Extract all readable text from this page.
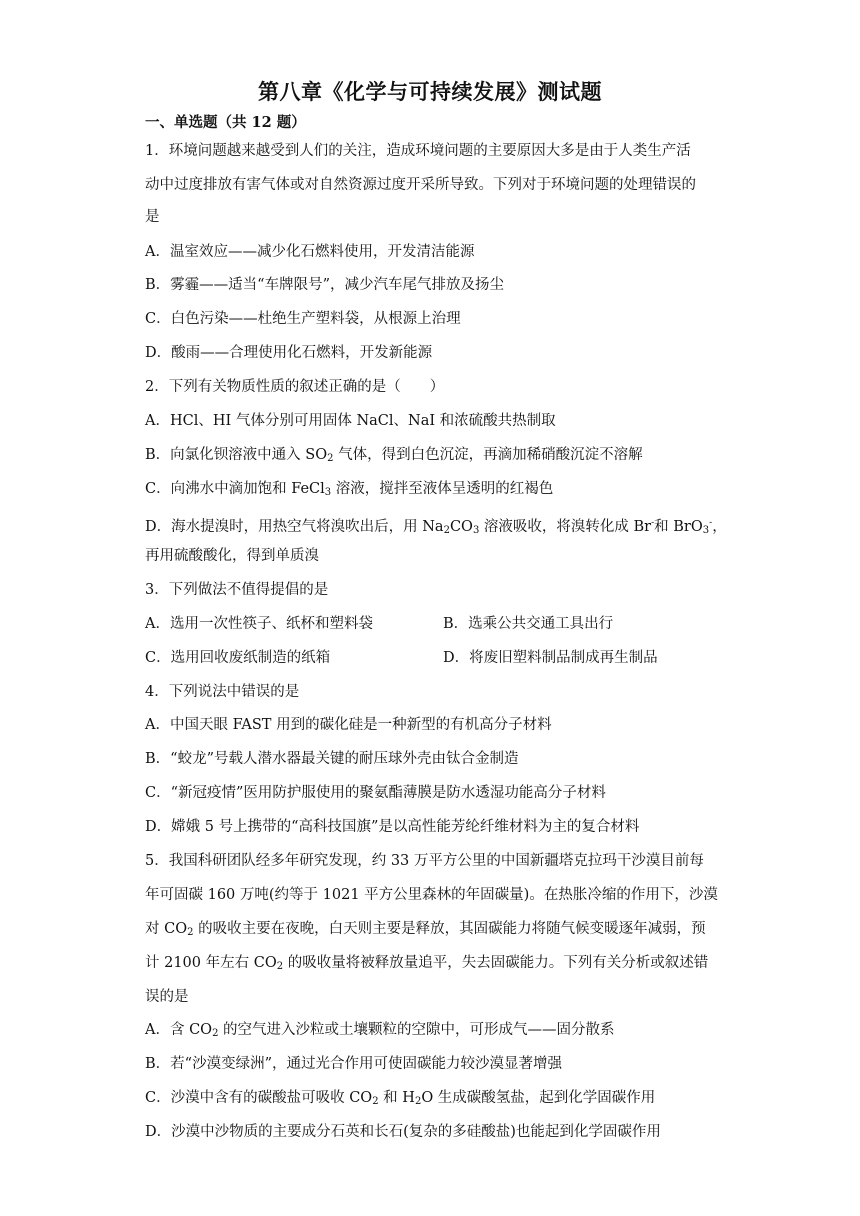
第八章《化学与可持续发展》测试题
一、单选题（共 12 题）
1．环境问题越来越受到人们的关注，造成环境问题的主要原因大多是由于人类生产活
动中过度排放有害气体或对自然资源过度开采所导致。下列对于环境问题的处理错误的
是
A．温室效应——减少化石燃料使用，开发清洁能源
B．雾霾——适当“车牌限号”，减少汽车尾气排放及扬尘
C．白色污染——杜绝生产塑料袋，从根源上治理
D．酸雨——合理使用化石燃料，开发新能源
2．下列有关物质性质的叙述正确的是（　　）
A．HCl、HI 气体分别可用固体 NaCl、NaI 和浓硫酸共热制取
B．向氯化钡溶液中通入 $SO_2$ 气体，得到白色沉淀，再滴加稀硝酸沉淀不溶解
C．向沸水中滴加饱和 FeCl$_3$ 溶液，搅拌至液体呈透明的红褐色
D．海水提溴时，用热空气将溴吹出后，用 $Na_2CO_3$ 溶液吸收，将溴转化成 Br-和 BrO$_3$-，
再用硫酸酸化，得到单质溴
3．下列做法不值得提倡的是
A．选用一次性筷子、纸杯和塑料袋	B．选乘公共交通工具出行
C．选用回收废纸制造的纸箱	D．将废旧塑料制品制成再生制品
4．下列说法中错误的是
A．中国天眼 FAST 用到的碳化硅是一种新型的有机高分子材料
B．“蛟龙”号载人潜水器最关键的耐压球外壳由钛合金制造
C．“新冠疫情”医用防护服使用的聚氨酯薄膜是防水透湿功能高分子材料
D．嫦娥 5 号上携带的“高科技国旗”是以高性能芳纶纤维材料为主的复合材料
5．我国科研团队经多年研究发现，约 33 万平方公里的中国新疆塔克拉玛干沙漠目前每
年可固碳 160 万吨(约等于 1021 平方公里森林的年固碳量)。在热胀冷缩的作用下，沙漠
对 $CO_2$ 的吸收主要在夜晚，白天则主要是释放，其固碳能力将随气候变暖逐年减弱，预
计 2100 年左右 $CO_2$ 的吸收量将被释放量追平，失去固碳能力。下列有关分析或叙述错
误的是
A．含 $CO_2$ 的空气进入沙粒或土壤颗粒的空隙中，可形成气——固分散系
B．若“沙漠变绿洲”，通过光合作用可使固碳能力较沙漠显著增强
C．沙漠中含有的碳酸盐可吸收 $CO_2$ 和 $H_2O$ 生成碳酸氢盐，起到化学固碳作用
D．沙漠中沙物质的主要成分石英和长石(复杂的多硅酸盐)也能起到化学固碳作用
